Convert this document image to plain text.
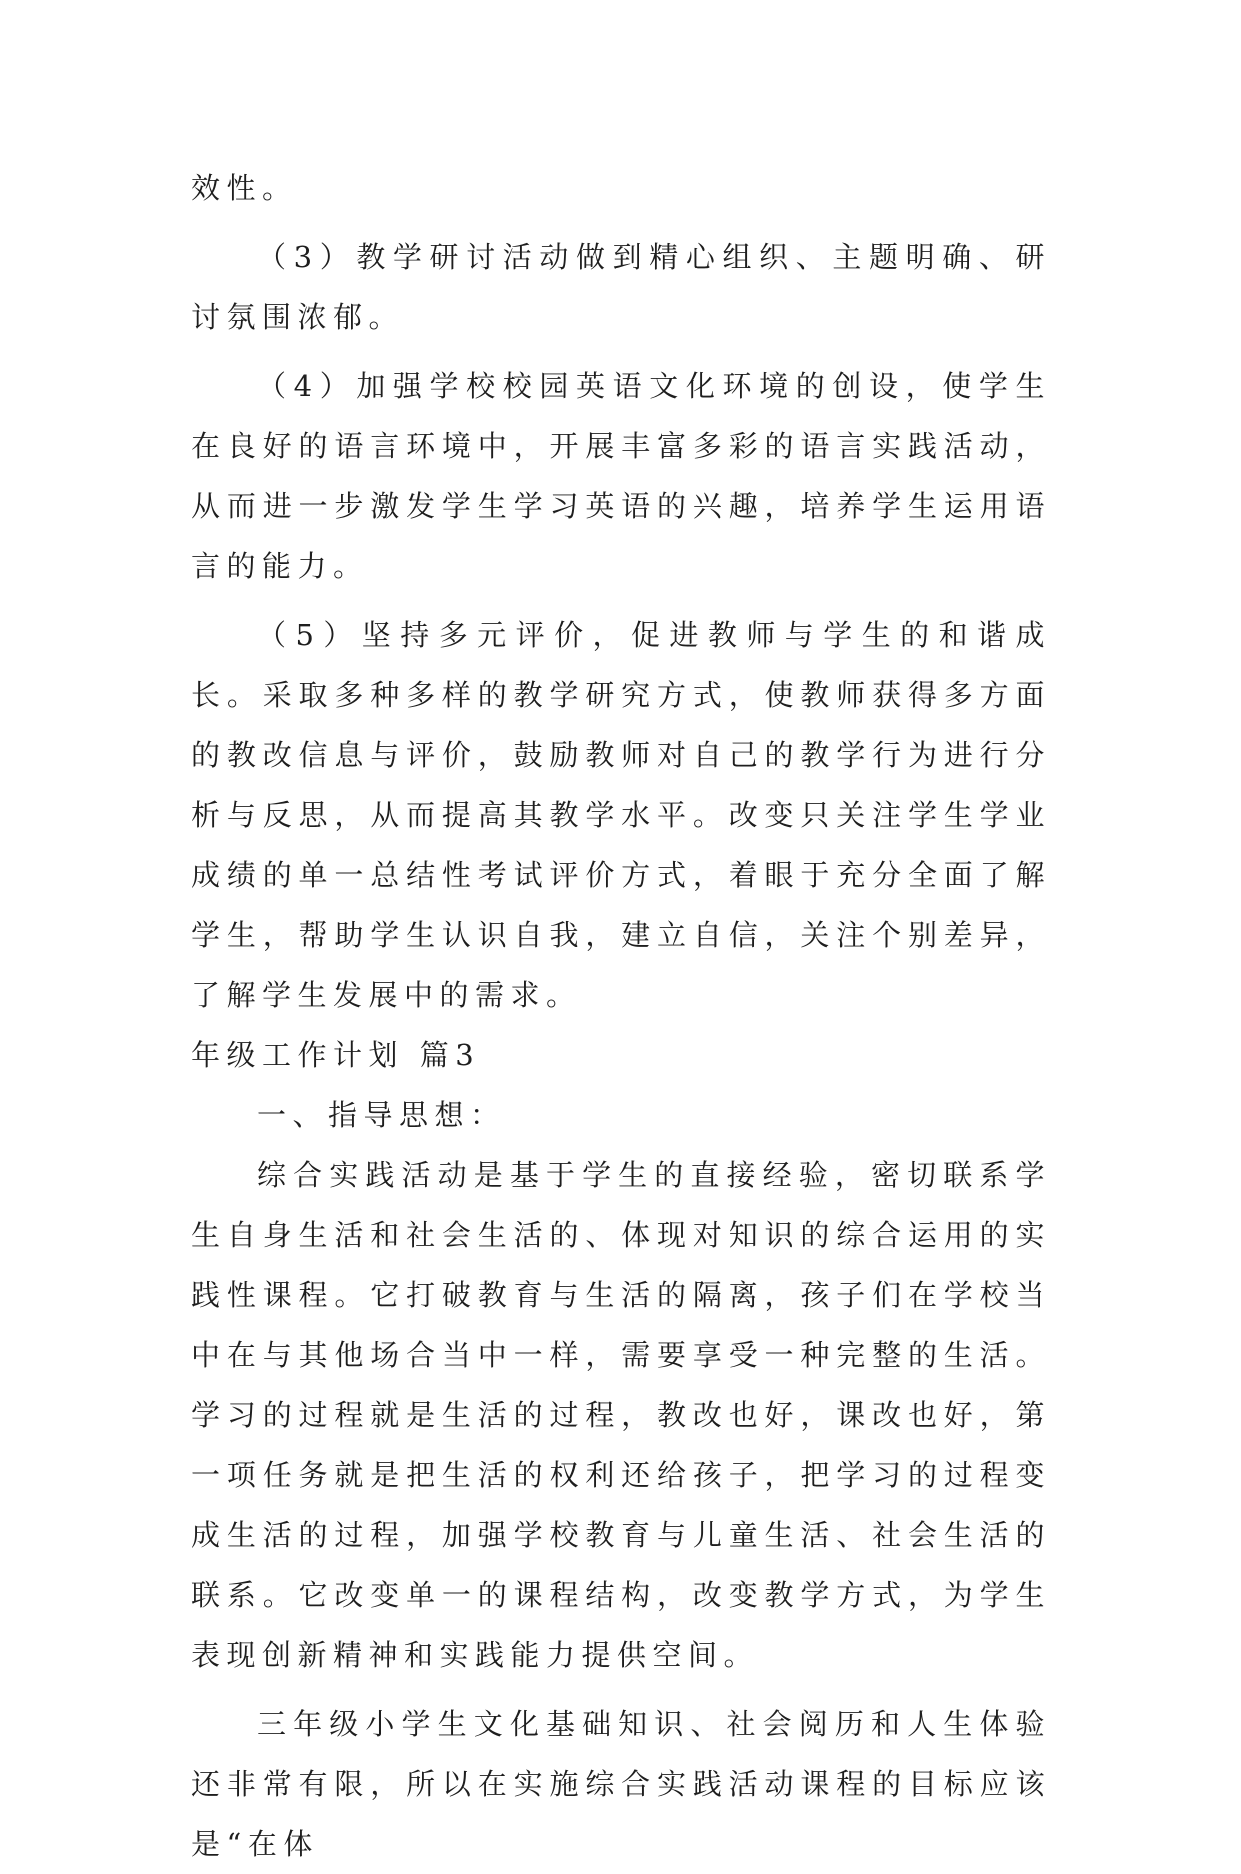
效性。

（3）教学研讨活动做到精心组织、主题明确、研讨氛围浓郁。

（4）加强学校校园英语文化环境的创设，使学生在良好的语言环境中，开展丰富多彩的语言实践活动，从而进一步激发学生学习英语的兴趣，培养学生运用语言的能力。

（5）坚持多元评价，促进教师与学生的和谐成长。采取多种多样的教学研究方式，使教师获得多方面的教改信息与评价，鼓励教师对自己的教学行为进行分析与反思，从而提高其教学水平。改变只关注学生学业成绩的单一总结性考试评价方式，着眼于充分全面了解学生，帮助学生认识自我，建立自信，关注个别差异，了解学生发展中的需求。

年级工作计划 篇3

一、指导思想：

综合实践活动是基于学生的直接经验，密切联系学生自身生活和社会生活的、体现对知识的综合运用的实践性课程。它打破教育与生活的隔离，孩子们在学校当中在与其他场合当中一样，需要享受一种完整的生活。学习的过程就是生活的过程，教改也好，课改也好，第一项任务就是把生活的权利还给孩子，把学习的过程变成生活的过程，加强学校教育与儿童生活、社会生活的联系。它改变单一的课程结构，改变教学方式，为学生表现创新精神和实践能力提供空间。

三年级小学生文化基础知识、社会阅历和人生体验还非常有限，所以在实施综合实践活动课程的目标应该是“在体
